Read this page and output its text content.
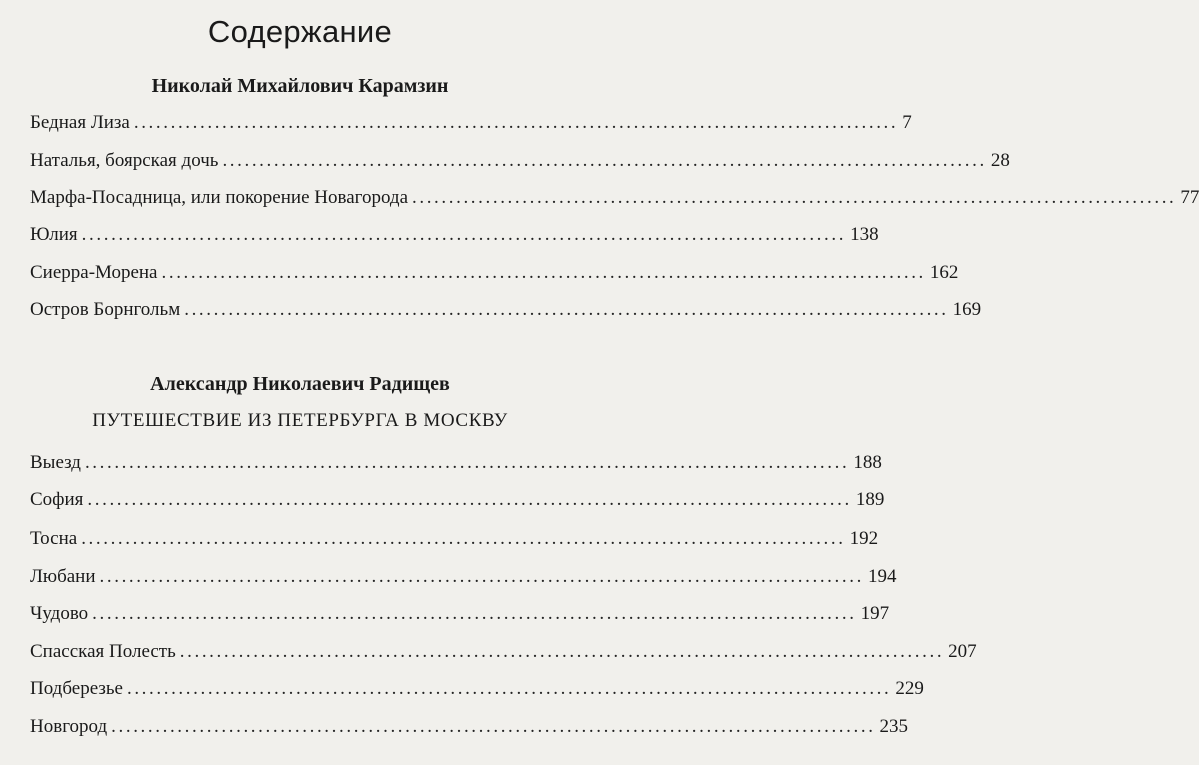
Содержание
Николай Михайлович Карамзин
Бедная Лиза ........................................................................................................ 7
Наталья, боярская дочь ........................................................................................................ 28
Марфа-Посадница, или покорение Новагорода ........................................................................................................ 77
Юлия ........................................................................................................ 138
Сиерра-Морена ........................................................................................................ 162
Остров Борнгольм ........................................................................................................ 169
Александр Николаевич Радищев
ПУТЕШЕСТВИЕ ИЗ ПЕТЕРБУРГА В МОСКВУ
Выезд ........................................................................................................ 188
София ........................................................................................................ 189
Тосна ........................................................................................................ 192
Любани ........................................................................................................ 194
Чудово ........................................................................................................ 197
Спасская Полесть ........................................................................................................ 207
Подберезье ........................................................................................................ 229
Новгород ........................................................................................................ 235
